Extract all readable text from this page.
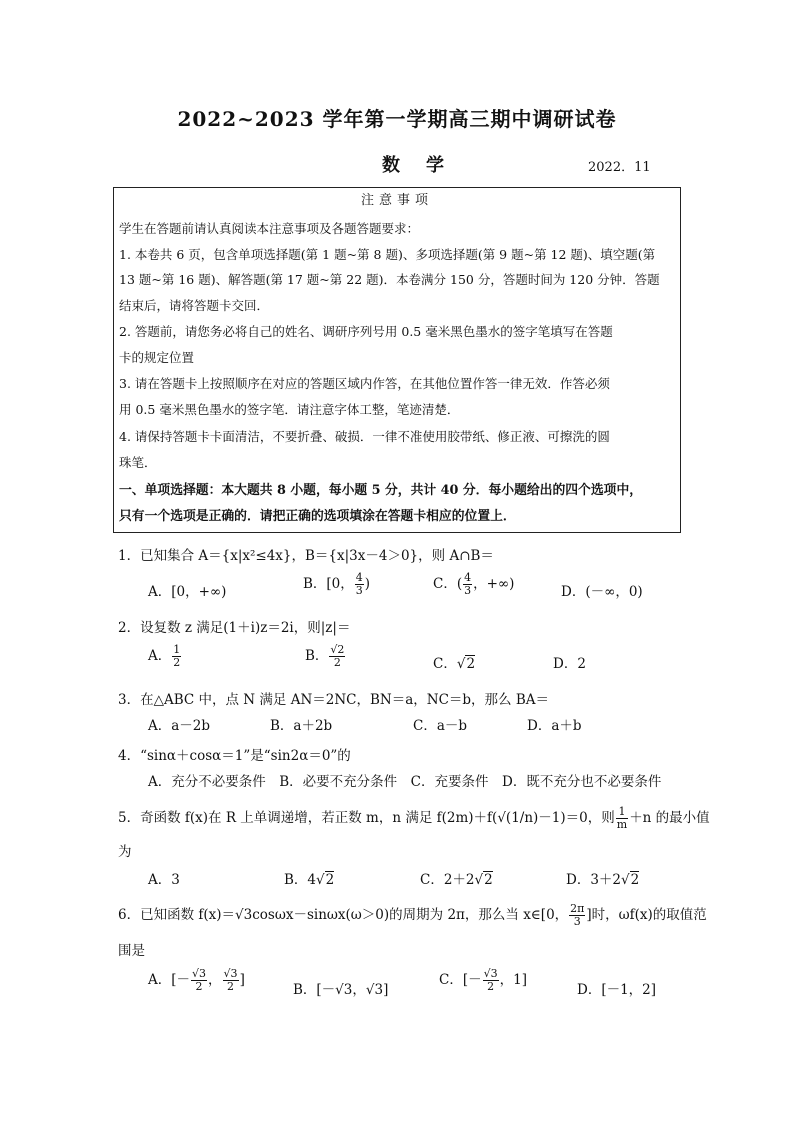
2022~2023 学年第一学期高三期中调研试卷
数学	2022．11
注意事项
学生在答题前请认真阅读本注意事项及各题答题要求：
1. 本卷共 6 页，包含单项选择题(第 1 题~第 8 题)、多项选择题(第 9 题~第 12 题)、填空题(第
13 题~第 16 题)、解答题(第 17 题~第 22 题)．本卷满分 150 分，答题时间为 120 分钟．答题
结束后，请将答题卡交回．
2. 答题前，请您务必将自己的姓名、调研序列号用 0.5 毫米黑色墨水的签字笔填写在答题
卡的规定位置
3. 请在答题卡上按照顺序在对应的答题区域内作答，在其他位置作答一律无效．作答必须
用 0.5 毫米黑色墨水的签字笔．请注意字体工整，笔迹清楚．
4. 请保持答题卡卡面清洁，不要折叠、破损．一律不准使用胶带纸、修正液、可擦洗的圆
珠笔．
一、单项选择题：本大题共 8 小题，每小题 5 分，共计 40 分．每小题给出的四个选项中，
只有一个选项是正确的．请把正确的选项填涂在答题卡相应的位置上．
1．已知集合 A＝{x|x²≤4x}，B＝{x|3x－4＞0}，则 A∩B＝
A．[0，+∞)	B．[0， $\frac{4}{3}$ )	C．( $\frac{4}{3}$ ，+∞)	D．(－∞，0)
2．设复数 z 满足(1＋i)z＝2i，则|z|＝
A． $\frac{1}{2}$	B． $\frac{√2}{2}$	C．√2	D．2
3．在△ABC 中，点 N 满足 AN＝2NC，BN＝a，NC＝b，那么 BA＝
A．a－2b	B．a＋2b	C．a－b	D．a＋b
4．“sinα＋cosα＝1”是“sin2α＝0”的
A．充分不必要条件　B．必要不充分条件　C．充要条件　D．既不充分也不必要条件
5．奇函数 f(x)在 R 上单调递增，若正数 m，n 满足 f(2m)＋f(√(1/n)－1)＝0，则 $\frac{1}{m} +n$ 的最小值
为
A．3	B．4√2	C．2＋2√2	D．3＋2√2
6．已知函数 f(x)＝√3cosωx－sinωx(ω＞0)的周期为 2π，那么当 x∈[0， $\frac{2\pi}{3}$ ]时，ωf(x)的取值范
围是
A．[－ $\frac{√3}{2}$ ， $\frac{√3}{2}$ ]
B．[－√3，√3]
C．[－ $\frac{√3}{2}$ ，1]
D．[－1，2]
